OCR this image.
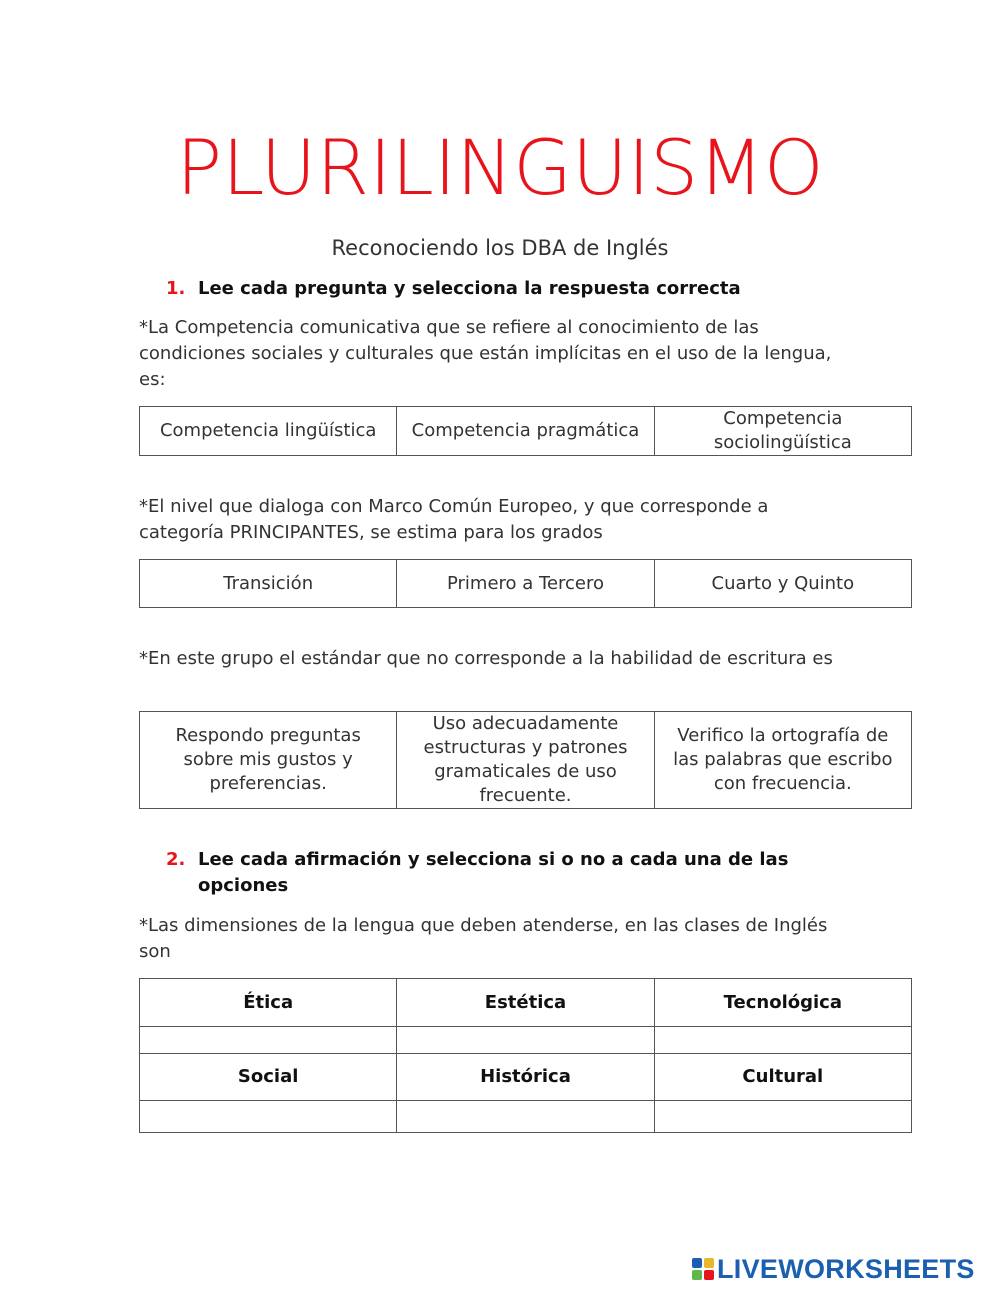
PLURILINGUISMO
Reconociendo los DBA de Inglés
1. Lee cada pregunta y selecciona la respuesta correcta
*La Competencia comunicativa que se refiere al conocimiento de las condiciones sociales y culturales que están implícitas en el uso de la lengua, es:
Competencia lingüística	Competencia pragmática	Competencia sociolingüística
*El nivel que dialoga con Marco Común Europeo, y que corresponde a categoría PRINCIPANTES, se estima para los grados
Transición	Primero a Tercero	Cuarto y Quinto
*En este grupo el estándar que no corresponde a la habilidad de escritura es
Respondo preguntas sobre mis gustos y preferencias.	Uso adecuadamente estructuras y patrones gramaticales de uso frecuente.	Verifico la ortografía de las palabras que escribo con frecuencia.
2. Lee cada afirmación y selecciona si o no a cada una de las opciones
*Las dimensiones de la lengua que deben atenderse, en las clases de Inglés son
Ética	Estética	Tecnológica

Social	Histórica	Cultural

LIVEWORKSHEETS
